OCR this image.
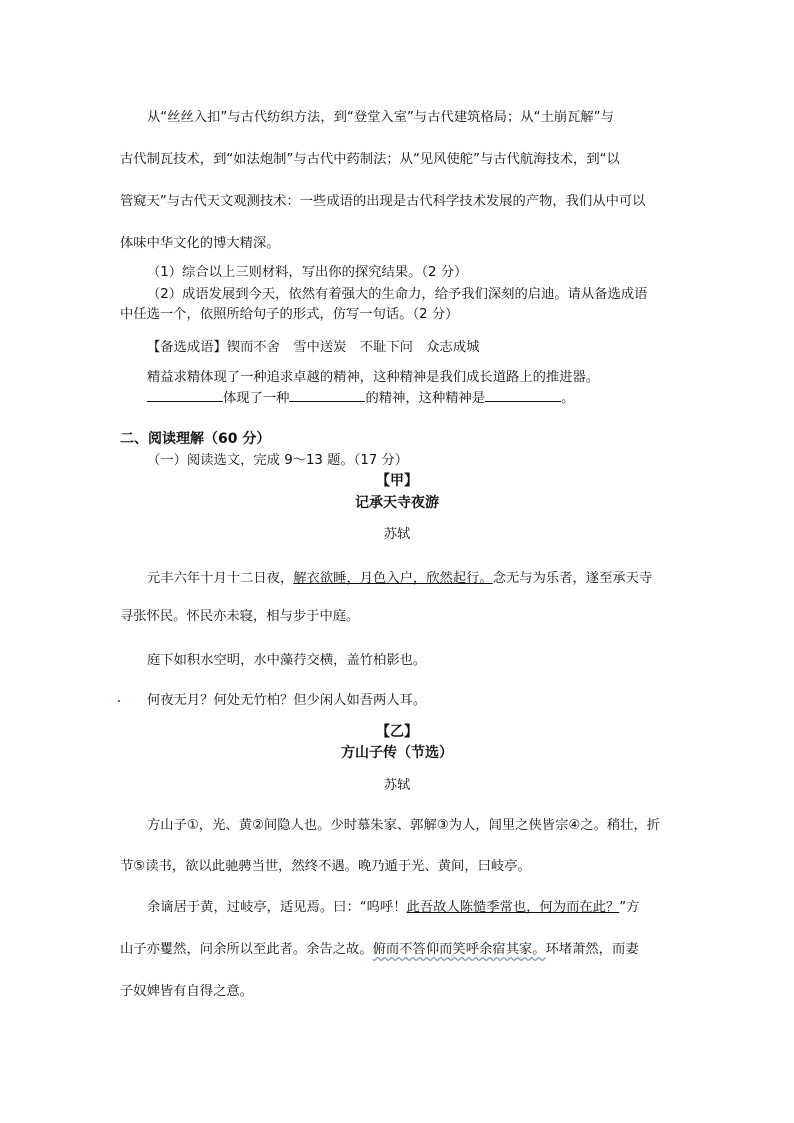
从“丝丝入扣”与古代纺织方法，到“登堂入室”与古代建筑格局；从“土崩瓦解”与
古代制瓦技术，到“如法炮制”与古代中药制法；从“见风使舵”与古代航海技术，到“以
管窥天”与古代天文观测技术：一些成语的出现是古代科学技术发展的产物，我们从中可以
体味中华文化的博大精深。
（1）综合以上三则材料，写出你的探究结果。（2 分）
（2）成语发展到今天，依然有着强大的生命力，给予我们深刻的启迪。请从备选成语
中任选一个，依照所给句子的形式，仿写一句话。（2 分）
【备选成语】锲而不舍　雪中送炭　不耻下问　众志成城
精益求精体现了一种追求卓越的精神，这种精神是我们成长道路上的推进器。
体现了一种	的精神，这种精神是	。
二、阅读理解（60 分）
（一）阅读选文，完成 9～13 题。（17 分）
【甲】
记承天寺夜游
苏轼
元丰六年十月十二日夜，解衣欲睡，月色入户，欣然起行。念无与为乐者，遂至承天寺
寻张怀民。怀民亦未寝，相与步于中庭。
庭下如积水空明，水中藻荇交横，盖竹柏影也。
何夜无月？何处无竹柏？但少闲人如吾两人耳。
【乙】
方山子传（节选）
苏轼
方山子①，光、黄②间隐人也。少时慕朱家、郭解③为人，闾里之侠皆宗④之。稍壮，折
节⑤读书，欲以此驰骋当世，然终不遇。晚乃遁于光、黄间，曰岐亭。
余谪居于黄，过岐亭，适见焉。曰：“呜呼！此吾故人陈慥季常也，何为而在此？”方
山子亦矍然，问余所以至此者。余告之故。俯而不答仰而笑呼余宿其家。环堵萧然，而妻
子奴婢皆有自得之意。
